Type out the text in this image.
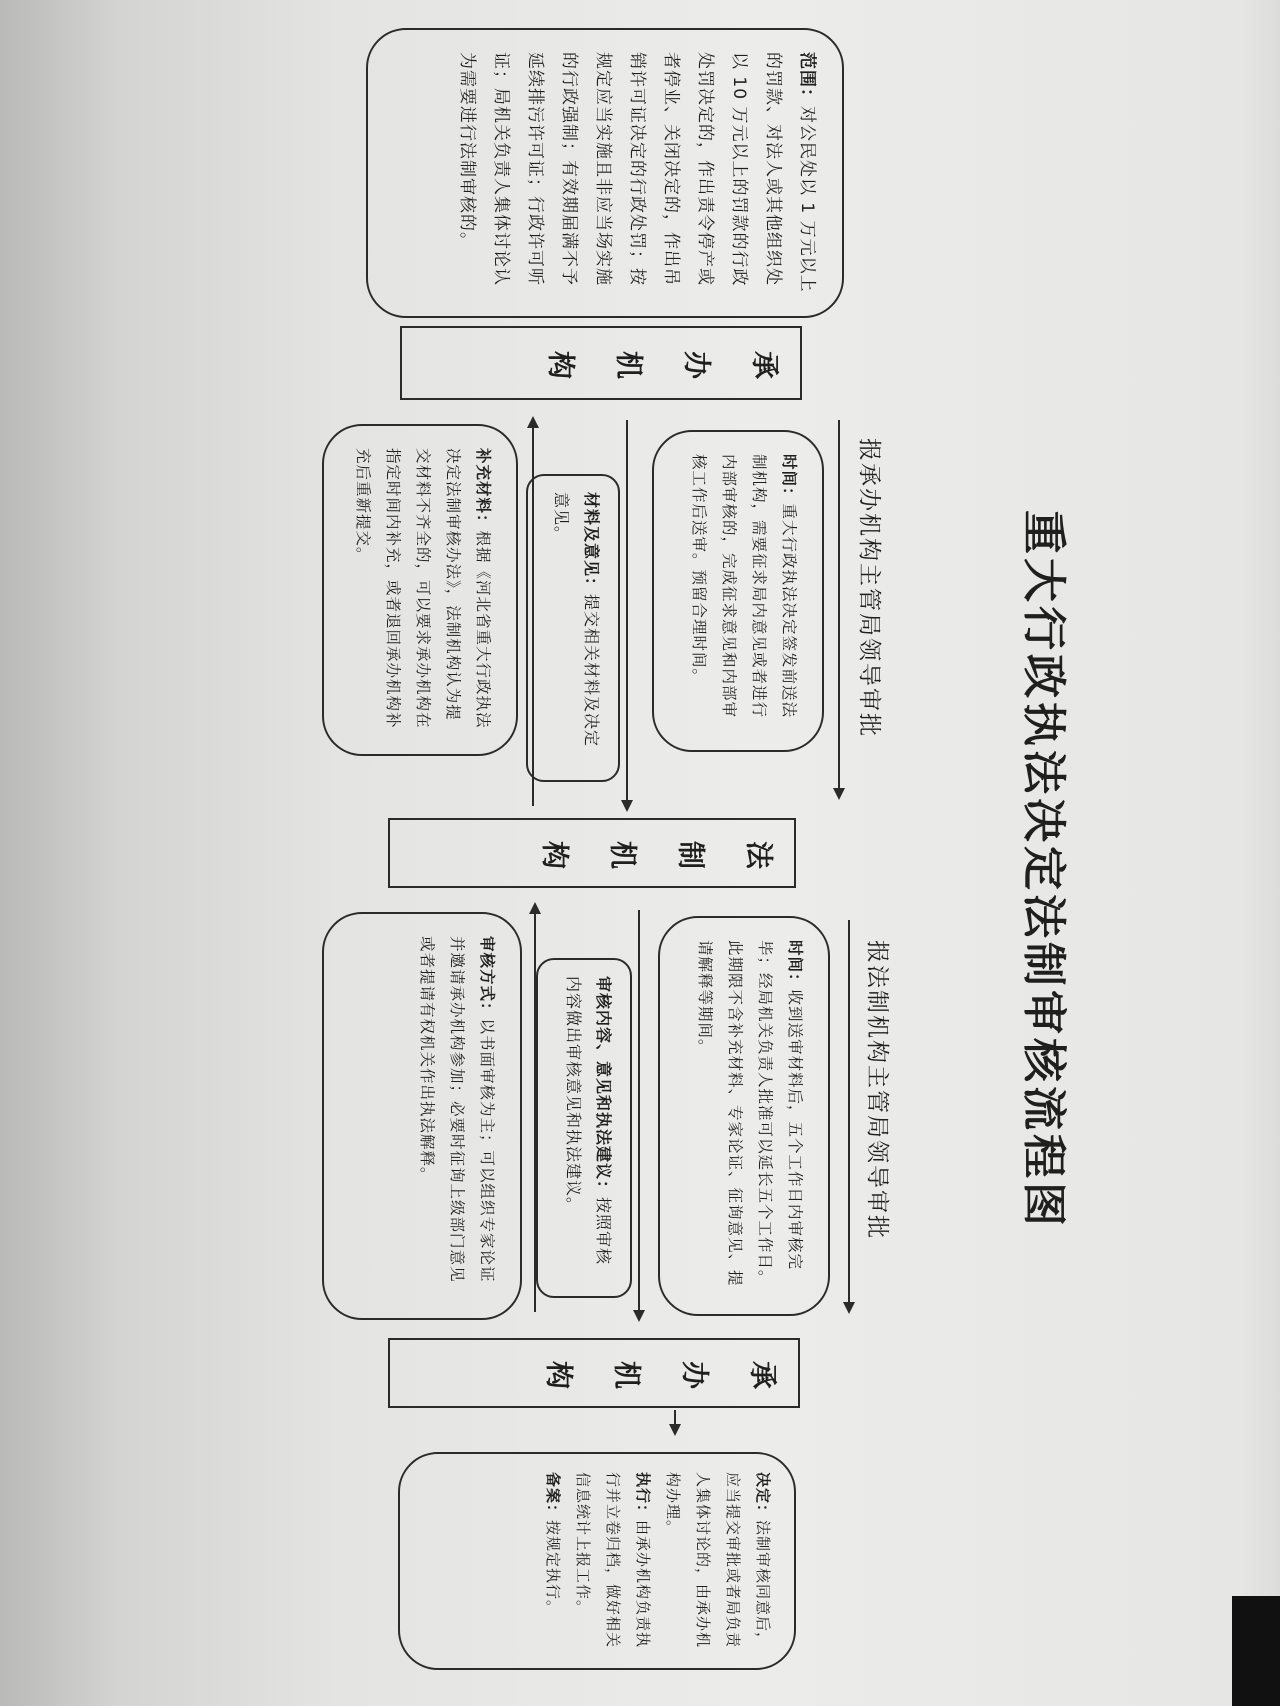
重大行政执法决定法制审核流程图
范围：对公民处以 1 万元以上的罚款、对法人或其他组织处以 10 万元以上的罚款的行政处罚决定的，作出责令停产或者停业、关闭决定的，作出吊销许可证决定的行政处罚；按规定应当实施且非应当场实施的行政强制；有效期届满不予延续排污许可证；行政许可听证；局机关负责人集体讨论认为需要进行法制审核的。
承办机构
报承办机构主管局领导审批
时间：重大行政执法决定签发前送法制机构，需要征求局内意见或者进行内部审核的，完成征求意见和内部审核工作后送审。预留合理时间。
材料及意见：提交相关材料及决定意见。
补充材料：根据《河北省重大行政执法决定法制审核办法》，法制机构认为提交材料不齐全的，可以要求承办机构在指定时间内补充，或者退回承办机构补充后重新提交。
法制机构
报法制机构主管局领导审批
时间：收到送审材料后，五个工作日内审核完毕；经局机关负责人批准可以延长五个工作日。此期限不含补充材料、专家论证、征询意见、提请解释等期间。
审核内容、意见和执法建议：按照审核内容做出审核意见和执法建议。
审核方式：以书面审核为主；可以组织专家论证并邀请承办机构参加；必要时征询上级部门意见或者提请有权机关作出执法解释。
承办机构
决定：法制审核同意后，应当提交审批或者局负责人集体讨论的，由承办机构办理。
执行：由承办机构负责执行并立卷归档，做好相关信息统计上报工作。
备案：按规定执行。
